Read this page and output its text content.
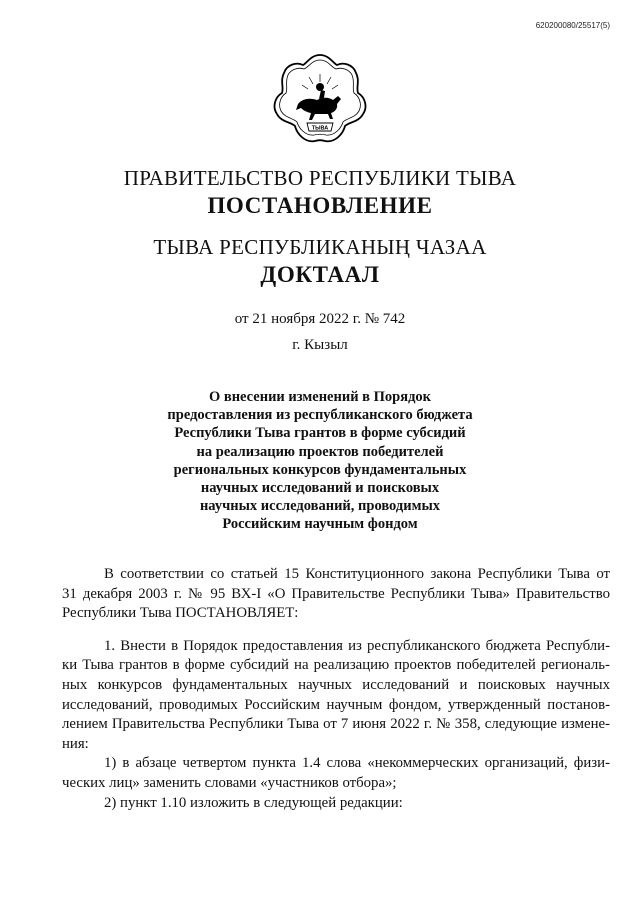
620200080/25517(5)
ТЫВА
ПРАВИТЕЛЬСТВО РЕСПУБЛИКИ ТЫВА
ПОСТАНОВЛЕНИЕ
ТЫВА РЕСПУБЛИКАНЫҢ ЧАЗАА
ДОКТААЛ
от 21 ноября 2022 г. № 742
г. Кызыл
О внесении изменений в Порядок
предоставления из республиканского бюджета
Республики Тыва грантов в форме субсидий
на реализацию проектов победителей
региональных конкурсов фундаментальных
научных исследований и поисковых
научных исследований, проводимых
Российским научным фондом
В соответствии со статьей 15 Конституционного закона Республики Тыва от
31 декабря 2003 г. № 95 ВХ-I «О Правительстве Республики Тыва» Правительство
Республики Тыва ПОСТАНОВЛЯЕТ:
1. Внести в Порядок предоставления из республиканского бюджета Республи-
ки Тыва грантов в форме субсидий на реализацию проектов победителей региональ-
ных конкурсов фундаментальных научных исследований и поисковых научных
исследований, проводимых Российским научным фондом, утвержденный постанов-
лением Правительства Республики Тыва от 7 июня 2022 г. № 358, следующие измене-
ния:
1) в абзаце четвертом пункта 1.4 слова «некоммерческих организаций, физи-
ческих лиц» заменить словами «участников отбора»;
2) пункт 1.10 изложить в следующей редакции:
